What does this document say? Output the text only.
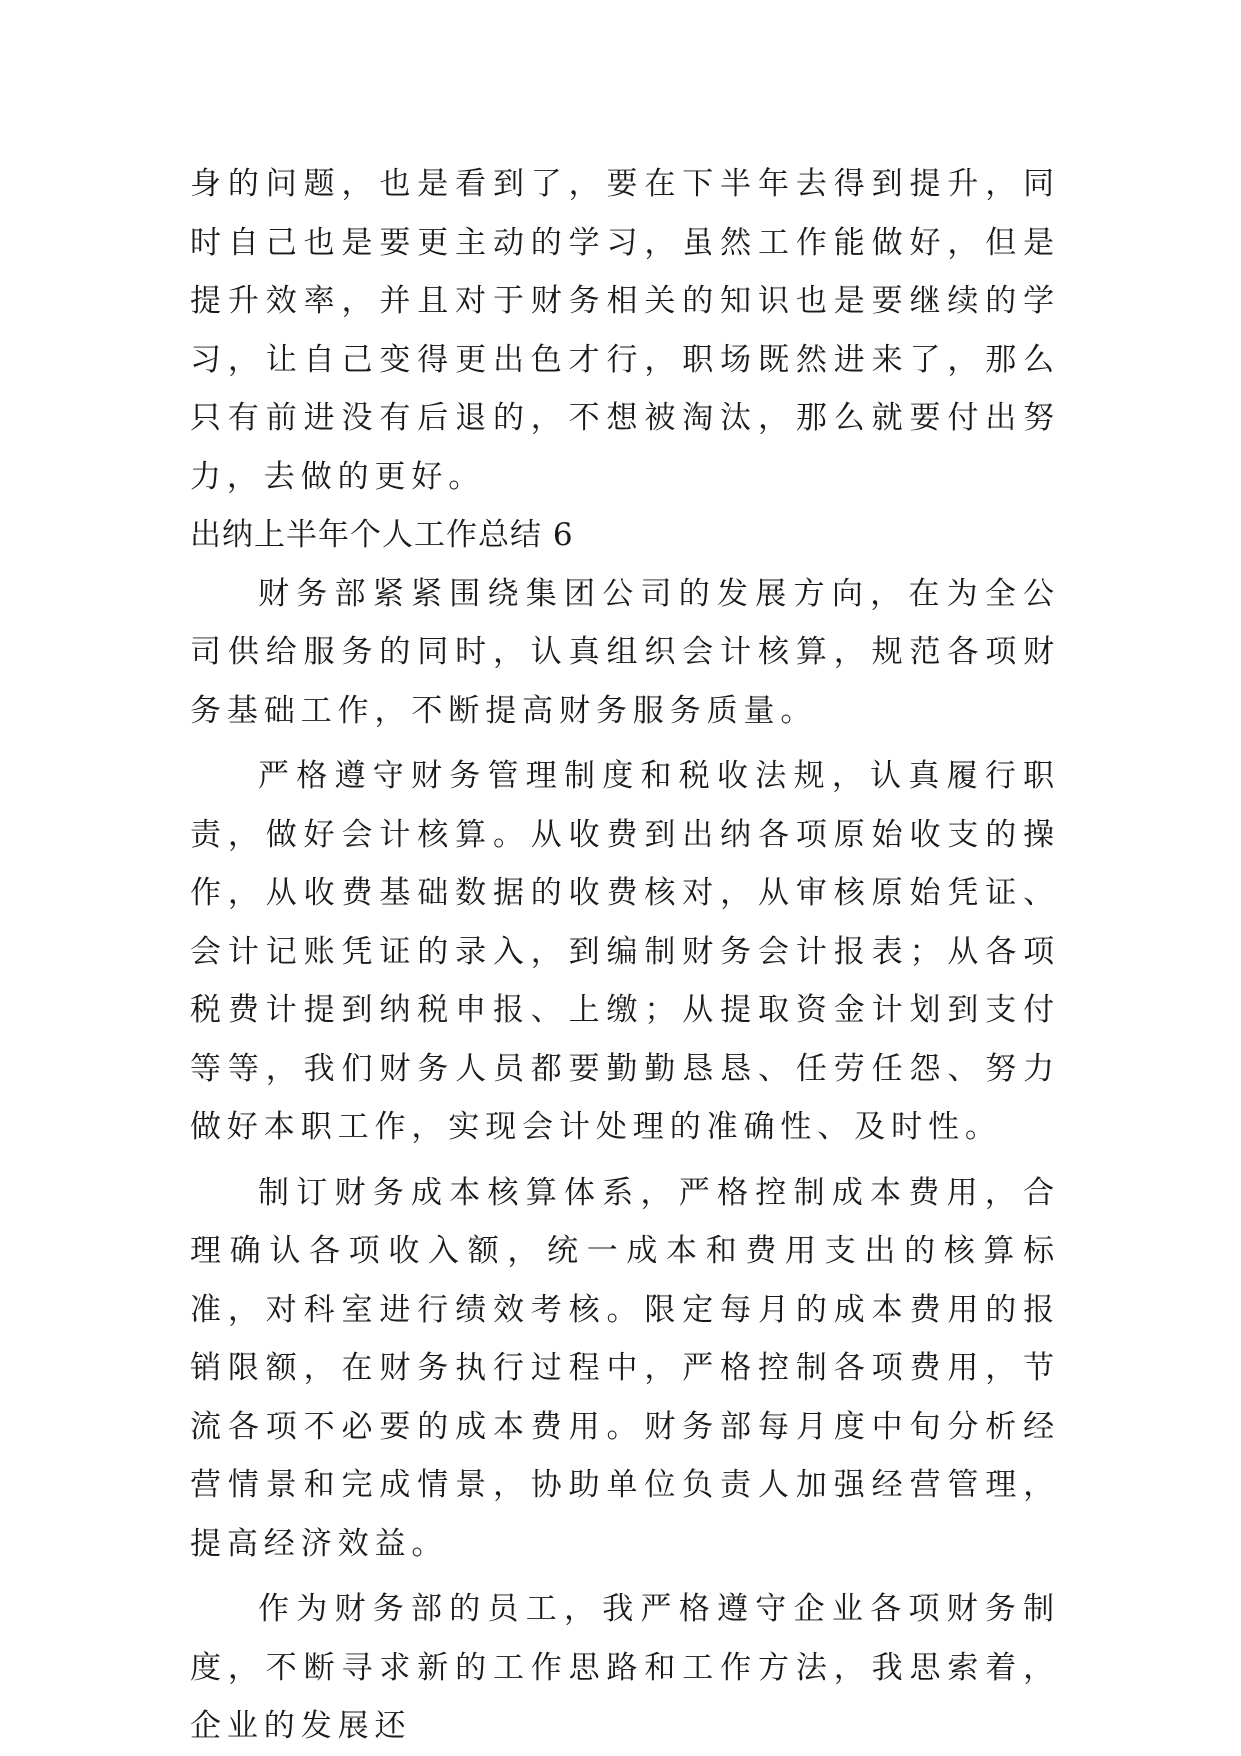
身的问题，也是看到了，要在下半年去得到提升，同时自己也是要更主动的学习，虽然工作能做好，但是提升效率，并且对于财务相关的知识也是要继续的学习，让自己变得更出色才行，职场既然进来了，那么只有前进没有后退的，不想被淘汰，那么就要付出努力，去做的更好。

出纳上半年个人工作总结 6

财务部紧紧围绕集团公司的发展方向，在为全公司供给服务的同时，认真组织会计核算，规范各项财务基础工作，不断提高财务服务质量。

严格遵守财务管理制度和税收法规，认真履行职责，做好会计核算。从收费到出纳各项原始收支的操作，从收费基础数据的收费核对，从审核原始凭证、会计记账凭证的录入，到编制财务会计报表；从各项税费计提到纳税申报、上缴；从提取资金计划到支付等等，我们财务人员都要勤勤恳恳、任劳任怨、努力做好本职工作，实现会计处理的准确性、及时性。

制订财务成本核算体系，严格控制成本费用，合理确认各项收入额，统一成本和费用支出的核算标准，对科室进行绩效考核。限定每月的成本费用的报销限额，在财务执行过程中，严格控制各项费用，节流各项不必要的成本费用。财务部每月度中旬分析经营情景和完成情景，协助单位负责人加强经营管理，提高经济效益。

作为财务部的员工，我严格遵守企业各项财务制度，不断寻求新的工作思路和工作方法，我思索着，企业的发展还
